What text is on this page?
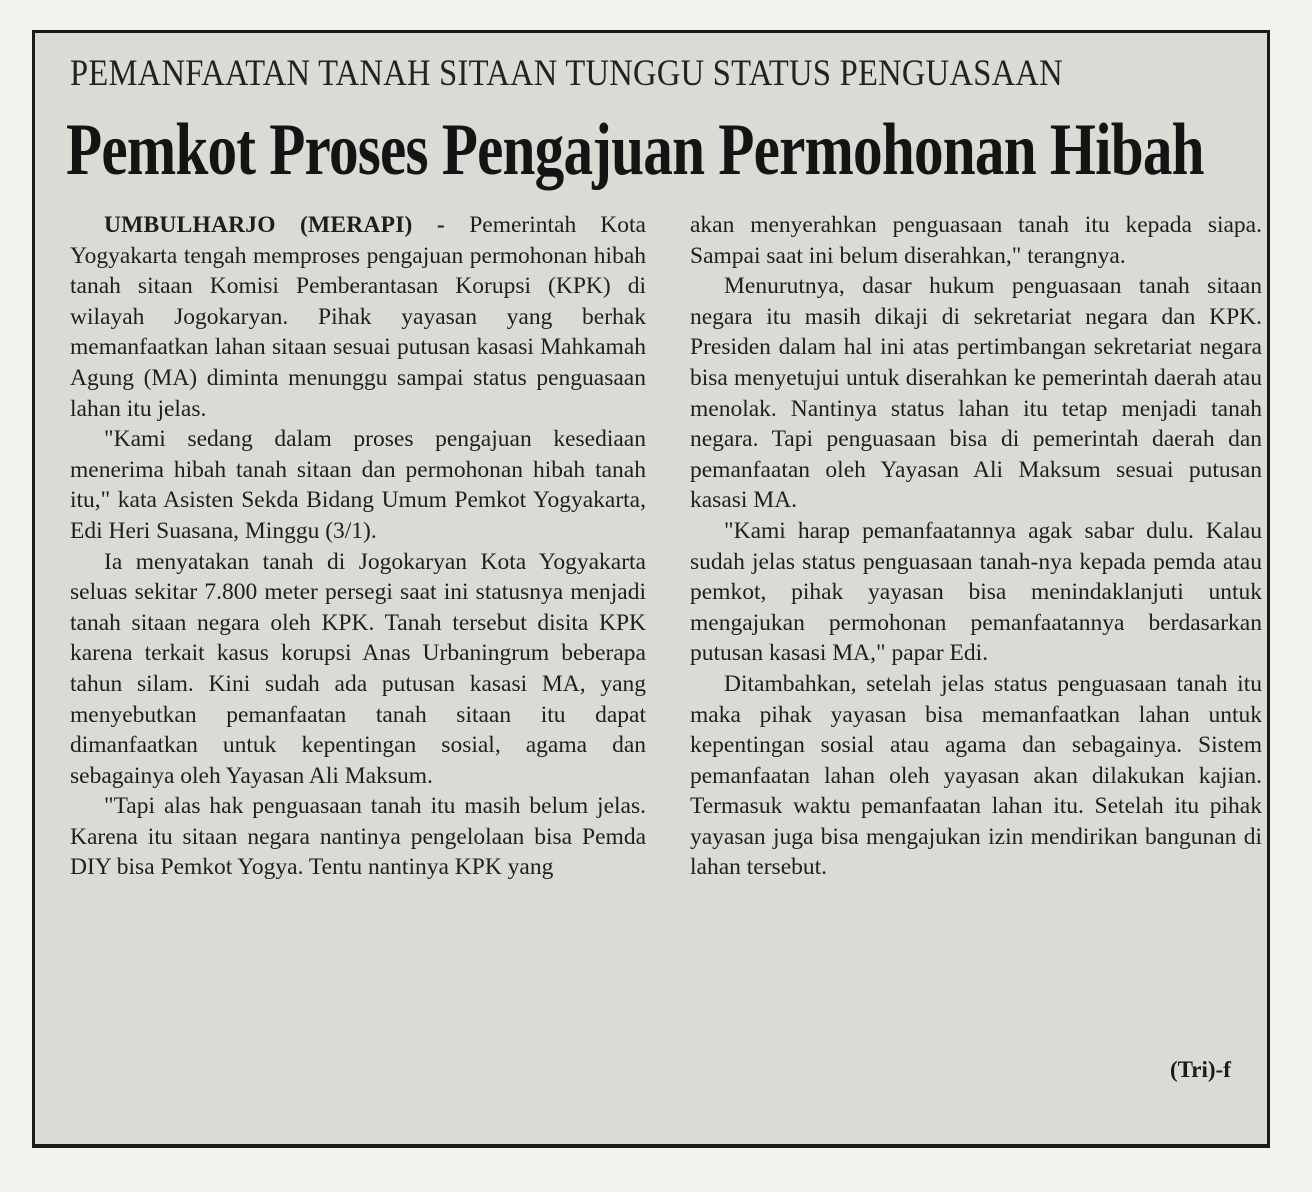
PEMANFAATAN TANAH SITAAN TUNGGU STATUS PENGUASAAN
Pemkot Proses Pengajuan Permohonan Hibah

UMBULHARJO (MERAPI) - Pemerintah Kota Yogyakarta tengah memproses pengajuan permohonan hibah tanah sitaan Komisi Pemberantasan Korupsi (KPK) di wilayah Jogokaryan. Pihak yayasan yang berhak memanfaatkan lahan sitaan sesuai putusan kasasi Mahkamah Agung (MA) diminta menunggu sampai status penguasaan lahan itu jelas.

"Kami sedang dalam proses pengajuan kesediaan menerima hibah tanah sitaan dan permohonan hibah tanah itu," kata Asisten Sekda Bidang Umum Pemkot Yogyakarta, Edi Heri Suasana, Minggu (3/1).

Ia menyatakan tanah di Jogokaryan Kota Yogyakarta seluas sekitar 7.800 meter persegi saat ini statusnya menjadi tanah sitaan negara oleh KPK. Tanah tersebut disita KPK karena terkait kasus korupsi Anas Urbaningrum beberapa tahun silam. Kini sudah ada putusan kasasi MA, yang menyebutkan pemanfaatan tanah sitaan itu dapat dimanfaatkan untuk kepentingan sosial, agama dan sebagainya oleh Yayasan Ali Maksum.

"Tapi alas hak penguasaan tanah itu masih belum jelas. Karena itu sitaan negara nantinya pengelolaan bisa Pemda DIY bisa Pemkot Yogya. Tentu nantinya KPK yang

akan menyerahkan penguasaan tanah itu kepada siapa. Sampai saat ini belum diserahkan," terangnya.

Menurutnya, dasar hukum penguasaan tanah sitaan negara itu masih dikaji di sekretariat negara dan KPK. Presiden dalam hal ini atas pertimbangan sekretariat negara bisa menyetujui untuk diserahkan ke pemerintah daerah atau menolak. Nantinya status lahan itu tetap menjadi tanah negara. Tapi penguasaan bisa di pemerintah daerah dan pemanfaatan oleh Yayasan Ali Maksum sesuai putusan kasasi MA.

"Kami harap pemanfaatannya agak sabar dulu. Kalau sudah jelas status penguasaan tanah-nya kepada pemda atau pemkot, pihak yayasan bisa menindaklanjuti untuk mengajukan permohonan pemanfaatannya berdasarkan putusan kasasi MA," papar Edi.

Ditambahkan, setelah jelas status penguasaan tanah itu maka pihak yayasan bisa memanfaatkan lahan untuk kepentingan sosial atau agama dan sebagainya. Sistem pemanfaatan lahan oleh yayasan akan dilakukan kajian. Termasuk waktu pemanfaatan lahan itu. Setelah itu pihak yayasan juga bisa mengajukan izin mendirikan bangunan di lahan tersebut.

(Tri)-f
